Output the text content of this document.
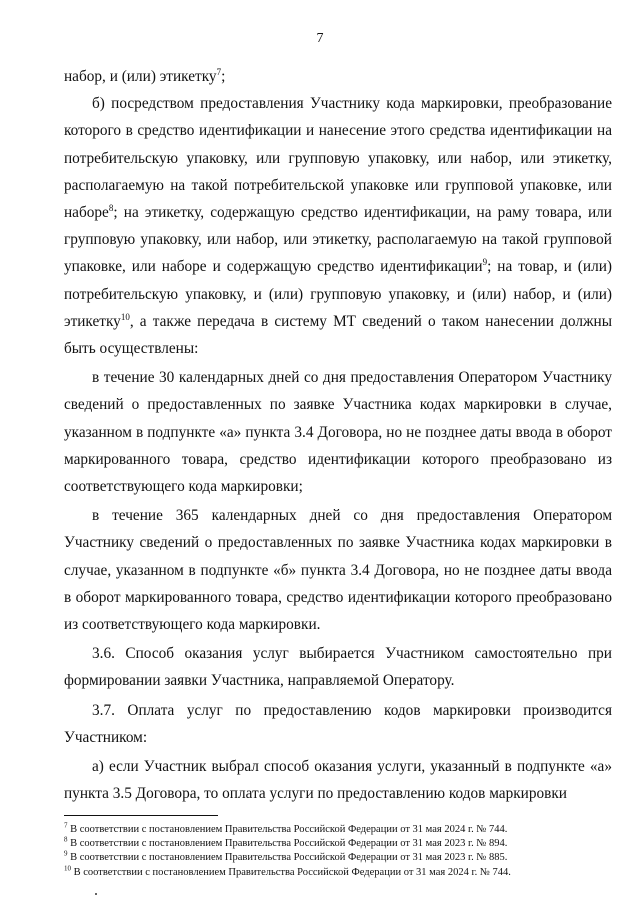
7

набор, и (или) этикетку$^7$;

б) посредством предоставления Участнику кода маркировки, преобразование которого в средство идентификации и нанесение этого средства идентификации на потребительскую упаковку, или групповую упаковку, или набор, или этикетку, располагаемую на такой потребительской упаковке или групповой упаковке, или наборе$^8$; на этикетку, содержащую средство идентификации, на раму товара, или групповую упаковку, или набор, или этикетку, располагаемую на такой групповой упаковке, или наборе и содержащую средство идентификации$^9$; на товар, и (или) потребительскую упаковку, и (или) групповую упаковку, и (или) набор, и (или) этикетку$^{10}$, а также передача в систему МТ сведений о таком нанесении должны быть осуществлены:

в течение 30 календарных дней со дня предоставления Оператором Участнику сведений о предоставленных по заявке Участника кодах маркировки в случае, указанном в подпункте «а» пункта 3.4 Договора, но не позднее даты ввода в оборот маркированного товара, средство идентификации которого преобразовано из соответствующего кода маркировки;

в течение 365 календарных дней со дня предоставления Оператором Участнику сведений о предоставленных по заявке Участника кодах маркировки в случае, указанном в подпункте «б» пункта 3.4 Договора, но не позднее даты ввода в оборот маркированного товара, средство идентификации которого преобразовано из соответствующего кода маркировки.

3.6. Способ оказания услуг выбирается Участником самостоятельно при формировании заявки Участника, направляемой Оператору.

3.7. Оплата услуг по предоставлению кодов маркировки производится Участником:

а) если Участник выбрал способ оказания услуги, указанный в подпункте «а» пункта 3.5 Договора, то оплата услуги по предоставлению кодов маркировки

$^7$ В соответствии с постановлением Правительства Российской Федерации от 31 мая 2024 г. № 744.

$^8$ В соответствии с постановлением Правительства Российской Федерации от 31 мая 2023 г. № 894.

$^9$ В соответствии с постановлением Правительства Российской Федерации от 31 мая 2023 г. № 885.

$^{10}$ В соответствии с постановлением Правительства Российской Федерации от 31 мая 2024 г. № 744.
